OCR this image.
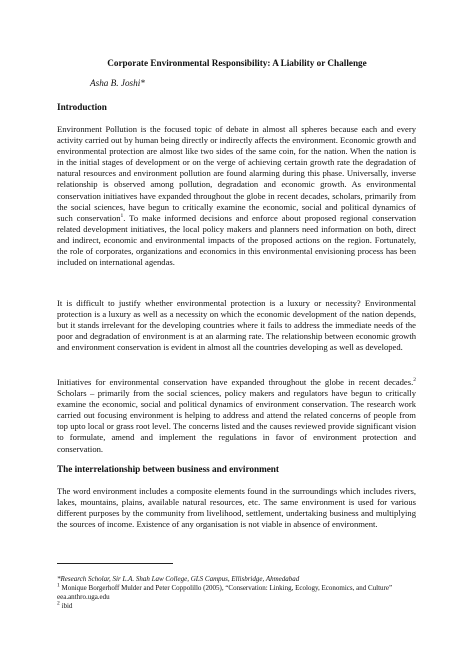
Corporate Environmental Responsibility: A Liability or Challenge

Asha B. Joshi*

Introduction

Environment Pollution is the focused topic of debate in almost all spheres because each and every activity carried out by human being directly or indirectly affects the environment. Economic growth and environmental protection are almost like two sides of the same coin, for the nation. When the nation is in the initial stages of development or on the verge of achieving certain growth rate the degradation of natural resources and environment pollution are found alarming during this phase. Universally, inverse relationship is observed among pollution, degradation and economic growth. As environmental conservation initiatives have expanded throughout the globe in recent decades, scholars, primarily from the social sciences, have begun to critically examine the economic, social and political dynamics of such conservation$^1$. To make informed decisions and enforce about proposed regional conservation related development initiatives, the local policy makers and planners need information on both, direct and indirect, economic and environmental impacts of the proposed actions on the region. Fortunately, the role of corporates, organizations and economics in this environmental envisioning process has been included on international agendas.

It is difficult to justify whether environmental protection is a luxury or necessity? Environmental protection is a luxury as well as a necessity on which the economic development of the nation depends, but it stands irrelevant for the developing countries where it fails to address the immediate needs of the poor and degradation of environment is at an alarming rate. The relationship between economic growth and environment conservation is evident in almost all the countries developing as well as developed.

Initiatives for environmental conservation have expanded throughout the globe in recent decades.$^2$ Scholars – primarily from the social sciences, policy makers and regulators have begun to critically examine the economic, social and political dynamics of environment conservation. The research work carried out focusing environment is helping to address and attend the related concerns of people from top upto local or grass root level. The concerns listed and the causes reviewed provide significant vision to formulate, amend and implement the regulations in favor of environment protection and conservation.

The interrelationship between business and environment

The word environment includes a composite elements found in the surroundings which includes rivers, lakes, mountains, plains, available natural resources, etc. The same environment is used for various different purposes by the community from livelihood, settlement, undertaking business and multiplying the sources of income. Existence of any organisation is not viable in absence of environment.

*Research Scholar, Sir L.A. Shah Law College, GLS Campus, Ellisbridge, Ahmedabad

$^1$ Monique Borgerhoff Mulder and Peter Coppolillo (2005), “Conservation: Linking, Ecology, Economics, and Culture” eea.anthro.uga.edu

$^2$ ibid
